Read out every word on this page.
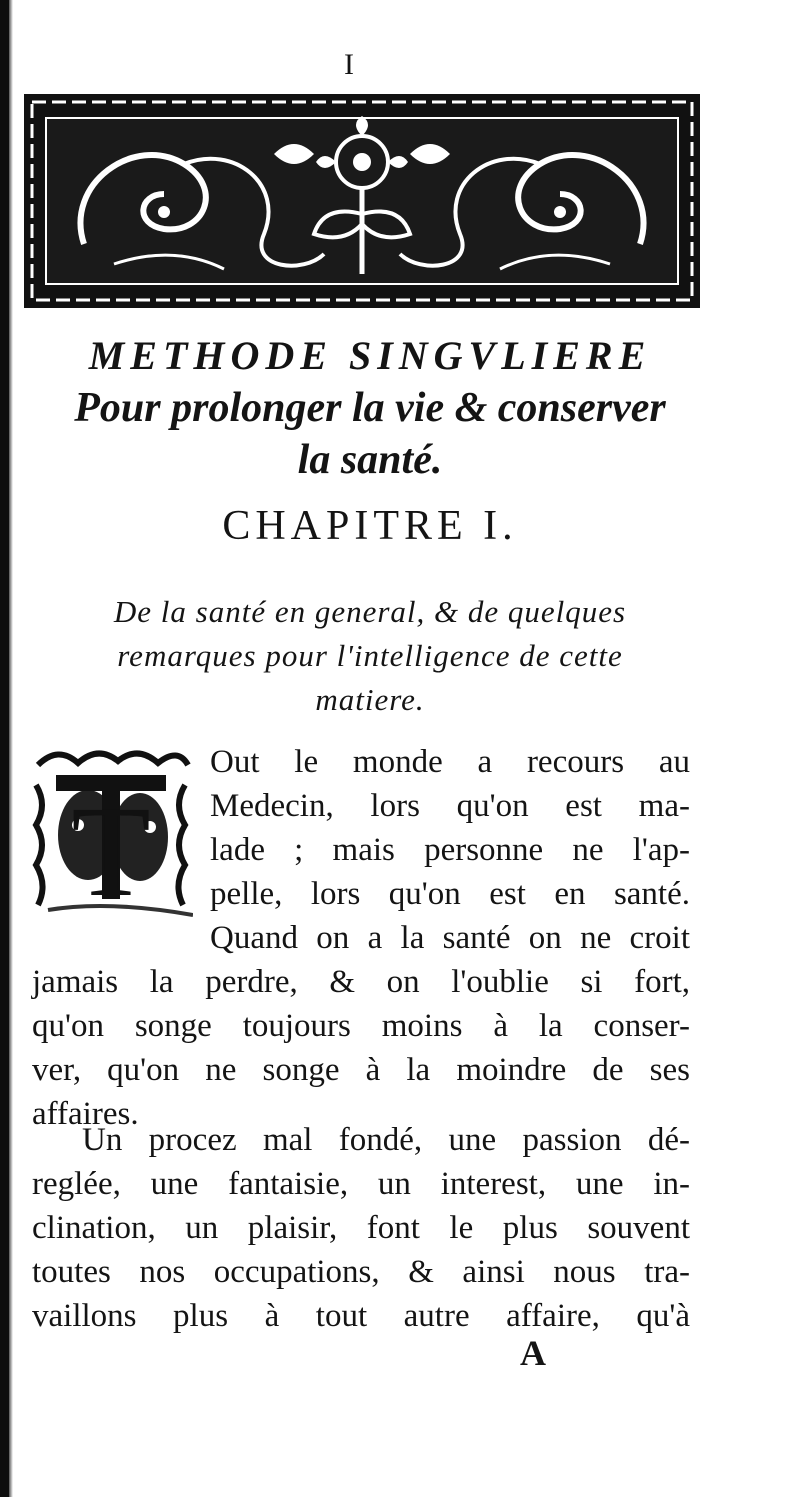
I
METHODE SINGVLIERE
Pour prolonger la vie & conserver
la santé.
CHAPITRE I.
De la santé en general, & de quelques
remarques pour l'intelligence de cette
matiere.
T
Out le monde a recours au
Medecin, lors qu'on est ma-
lade ; mais personne ne l'ap-
pelle, lors qu'on est en santé.
Quand on a la santé on ne croit
jamais la perdre, & on l'oublie si fort,
qu'on songe toujours moins à la conser-
ver, qu'on ne songe à la moindre de ses
affaires.
Un procez mal fondé, une passion dé-
reglée, une fantaisie, un interest, une in-
clination, un plaisir, font le plus souvent
toutes nos occupations, & ainsi nous tra-
vaillons plus à tout autre affaire, qu'à
A
